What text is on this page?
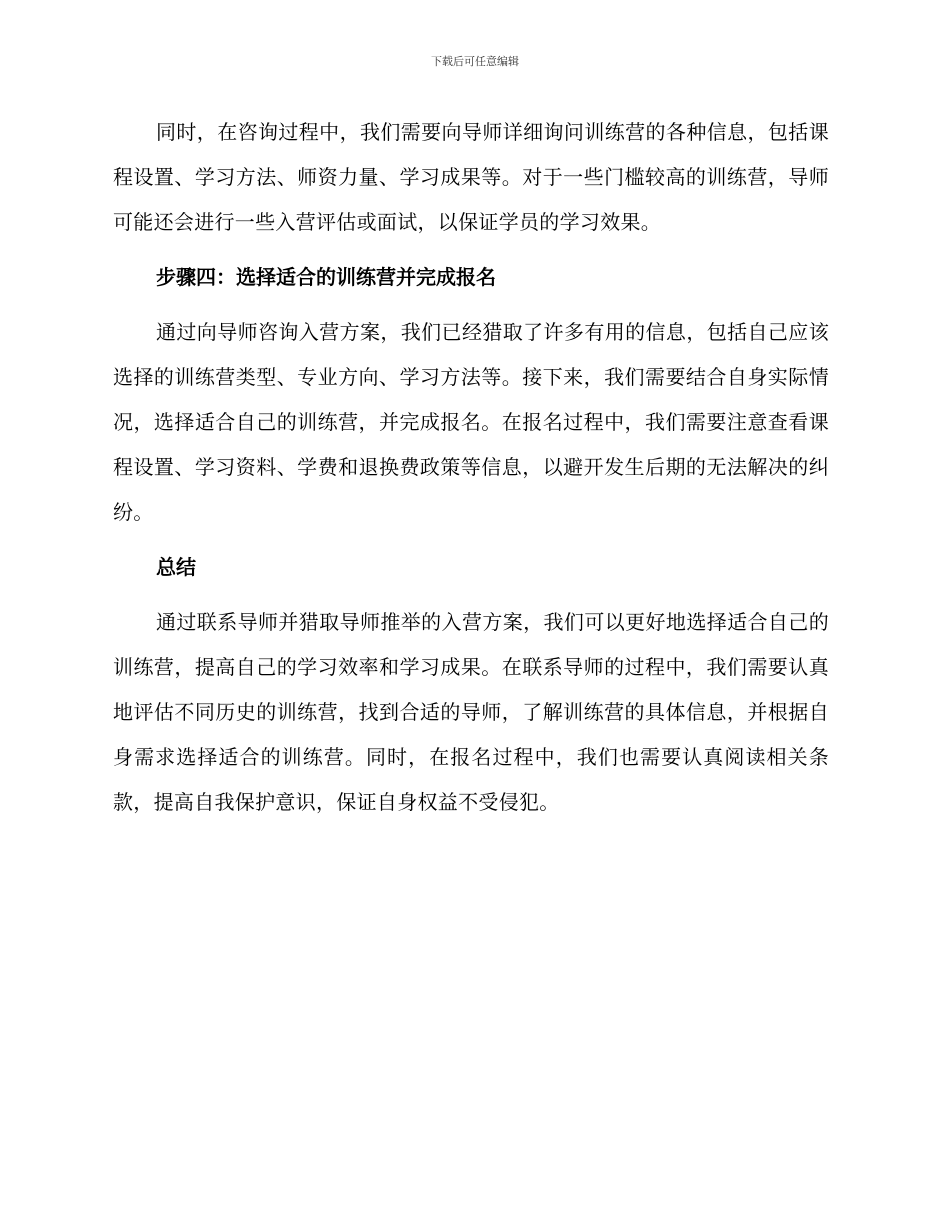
下载后可任意编辑

同时，在咨询过程中，我们需要向导师详细询问训练营的各种信息，包括课程设置、学习方法、师资力量、学习成果等。对于一些门槛较高的训练营，导师可能还会进行一些入营评估或面试，以保证学员的学习效果。

步骤四：选择适合的训练营并完成报名

通过向导师咨询入营方案，我们已经猎取了许多有用的信息，包括自己应该选择的训练营类型、专业方向、学习方法等。接下来，我们需要结合自身实际情况，选择适合自己的训练营，并完成报名。在报名过程中，我们需要注意查看课程设置、学习资料、学费和退换费政策等信息，以避开发生后期的无法解决的纠纷。

总结

通过联系导师并猎取导师推举的入营方案，我们可以更好地选择适合自己的训练营，提高自己的学习效率和学习成果。在联系导师的过程中，我们需要认真地评估不同历史的训练营，找到合适的导师，了解训练营的具体信息，并根据自身需求选择适合的训练营。同时，在报名过程中，我们也需要认真阅读相关条款，提高自我保护意识，保证自身权益不受侵犯。
